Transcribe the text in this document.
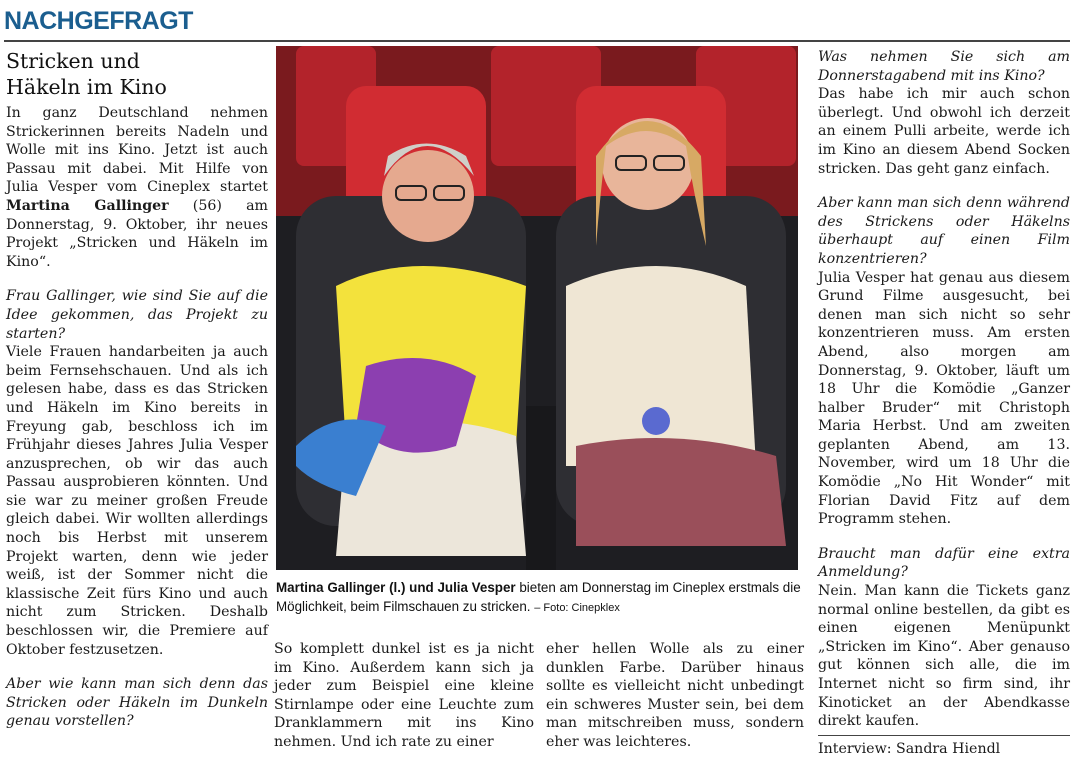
NACHGEFRAGT
Stricken und
Häkeln im Kino

In ganz Deutschland nehmen Strickerinnen bereits Nadeln und Wolle mit ins Kino. Jetzt ist auch Passau mit dabei. Mit Hilfe von Julia Vesper vom Cineplex startet Martina Gallinger (56) am Donnerstag, 9. Oktober, ihr neues Projekt „Stricken und Häkeln im Kino“.

Frau Gallinger, wie sind Sie auf die Idee gekommen, das Projekt zu starten?

Viele Frauen handarbeiten ja auch beim Fernsehschauen. Und als ich gelesen habe, dass es das Stricken und Häkeln im Kino bereits in Freyung gab, beschloss ich im Frühjahr dieses Jahres Julia Vesper anzusprechen, ob wir das auch Passau ausprobieren könnten. Und sie war zu meiner großen Freude gleich dabei. Wir wollten allerdings noch bis Herbst mit unserem Projekt warten, denn wie jeder weiß, ist der Sommer nicht die klassische Zeit fürs Kino und auch nicht zum Stricken. Deshalb beschlossen wir, die Premiere auf Oktober festzusetzen.

Aber wie kann man sich denn das Stricken oder Häkeln im Dunkeln genau vorstellen?

Martina Gallinger (l.) und Julia Vesper bieten am Donnerstag im Cineplex erstmals die Möglichkeit, beim Filmschauen zu stricken. – Foto: Cinepklex

So komplett dunkel ist es ja nicht im Kino. Außerdem kann sich ja jeder zum Beispiel eine kleine Stirnlampe oder eine Leuchte zum Dranklammern mit ins Kino nehmen. Und ich rate zu einer

eher hellen Wolle als zu einer dunklen Farbe. Darüber hinaus sollte es vielleicht nicht unbedingt ein schweres Muster sein, bei dem man mitschreiben muss, sondern eher was leichteres.

Was nehmen Sie sich am Donnerstagabend mit ins Kino?

Das habe ich mir auch schon überlegt. Und obwohl ich derzeit an einem Pulli arbeite, werde ich im Kino an diesem Abend Socken stricken. Das geht ganz einfach.

Aber kann man sich denn während des Strickens oder Häkelns überhaupt auf einen Film konzentrieren?

Julia Vesper hat genau aus diesem Grund Filme ausgesucht, bei denen man sich nicht so sehr konzentrieren muss. Am ersten Abend, also morgen am Donnerstag, 9. Oktober, läuft um 18 Uhr die Komödie „Ganzer halber Bruder“ mit Christoph Maria Herbst. Und am zweiten geplanten Abend, am 13. November, wird um 18 Uhr die Komödie „No Hit Wonder“ mit Florian David Fitz auf dem Programm stehen.

Braucht man dafür eine extra Anmeldung?

Nein. Man kann die Tickets ganz normal online bestellen, da gibt es einen eigenen Menüpunkt „Stricken im Kino“. Aber genauso gut können sich alle, die im Internet nicht so firm sind, ihr Kinoticket an der Abendkasse direkt kaufen.

Interview: Sandra Hiendl
